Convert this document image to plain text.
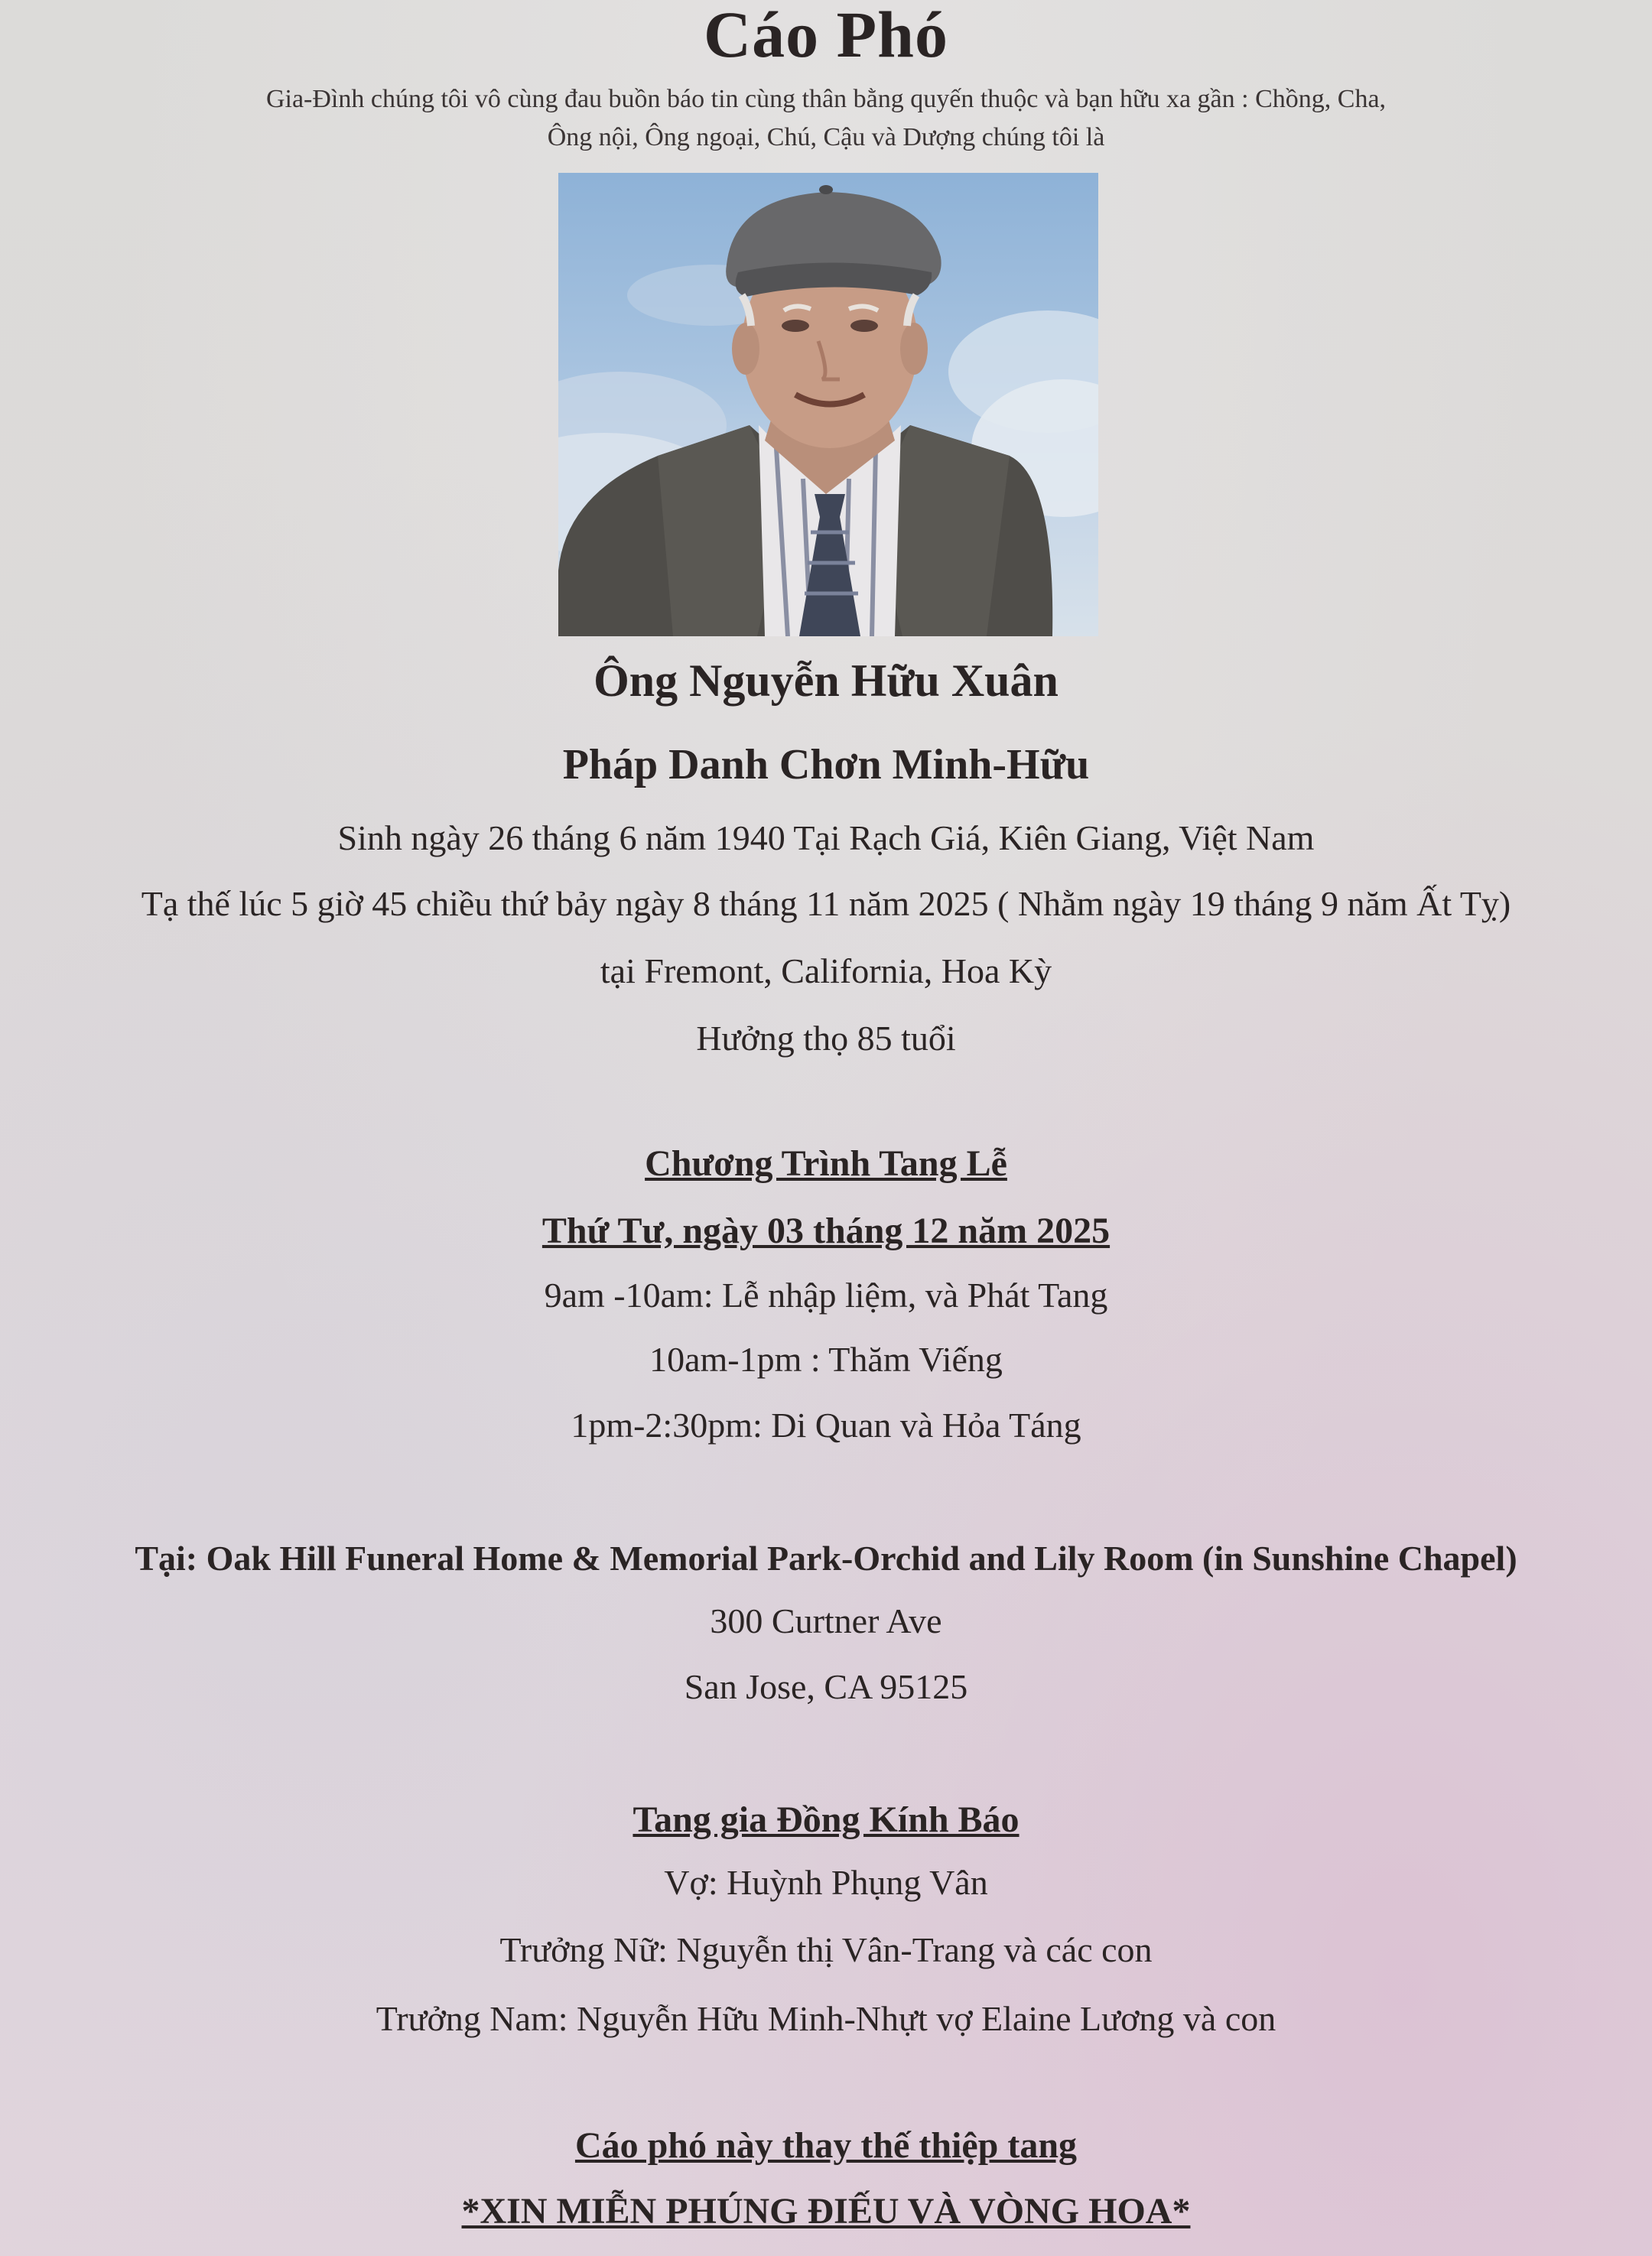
Cáo Phó
Gia-Đình chúng tôi vô cùng đau buồn báo tin cùng thân bằng quyến thuộc và bạn hữu xa gần : Chồng, Cha,
Ông nội, Ông ngoại, Chú, Cậu và Dượng chúng tôi là
Ông Nguyễn Hữu Xuân
Pháp Danh Chơn Minh-Hữu
Sinh ngày 26 tháng 6 năm 1940 Tại Rạch Giá, Kiên Giang, Việt Nam
Tạ thế lúc 5 giờ 45 chiều thứ bảy ngày 8 tháng 11 năm 2025 ( Nhằm ngày 19 tháng 9 năm Ất Tỵ)
tại Fremont, California, Hoa Kỳ
Hưởng thọ 85 tuổi
Chương Trình Tang Lễ
Thứ Tư, ngày 03 tháng 12 năm 2025
9am -10am: Lễ nhập liệm, và Phát Tang
10am-1pm : Thăm Viếng
1pm-2:30pm: Di Quan và Hỏa Táng
Tại: Oak Hill Funeral Home & Memorial Park-Orchid and Lily Room (in Sunshine Chapel)
300 Curtner Ave
San Jose, CA 95125
Tang gia Đồng Kính Báo
Vợ: Huỳnh Phụng Vân
Trưởng Nữ: Nguyễn thị Vân-Trang và các con
Trưởng Nam: Nguyễn Hữu Minh-Nhựt vợ Elaine Lương và con
Cáo phó này thay thế thiệp tang
*XIN MIỄN PHÚNG ĐIẾU VÀ VÒNG HOA*
